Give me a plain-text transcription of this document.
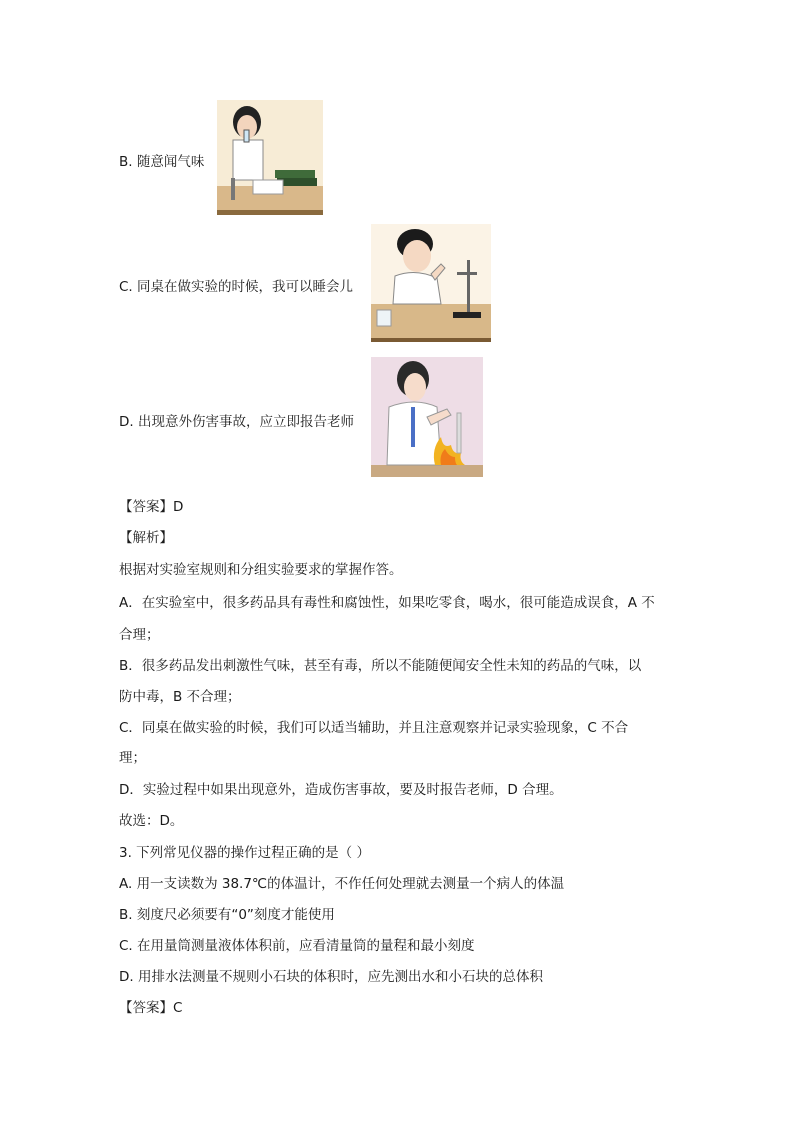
B. 随意闻气味
C. 同桌在做实验的时候，我可以睡会儿
D. 出现意外伤害事故，应立即报告老师
【答案】D
【解析】
根据对实验室规则和分组实验要求的掌握作答。
A．在实验室中，很多药品具有毒性和腐蚀性，如果吃零食，喝水，很可能造成误食，A 不
合理；
B．很多药品发出刺激性气味，甚至有毒，所以不能随便闻安全性未知的药品的气味，以
防中毒，B 不合理；
C．同桌在做实验的时候，我们可以适当辅助，并且注意观察并记录实验现象，C 不合
理；
D．实验过程中如果出现意外，造成伤害事故，要及时报告老师，D 合理。
故选：D。
3. 下列常见仪器的操作过程正确的是（ ）
A. 用一支读数为 38.7℃的体温计，不作任何处理就去测量一个病人的体温
B. 刻度尺必须要有“0”刻度才能使用
C. 在用量筒测量液体体积前，应看清量筒的量程和最小刻度
D. 用排水法测量不规则小石块的体积时，应先测出水和小石块的总体积
【答案】C
